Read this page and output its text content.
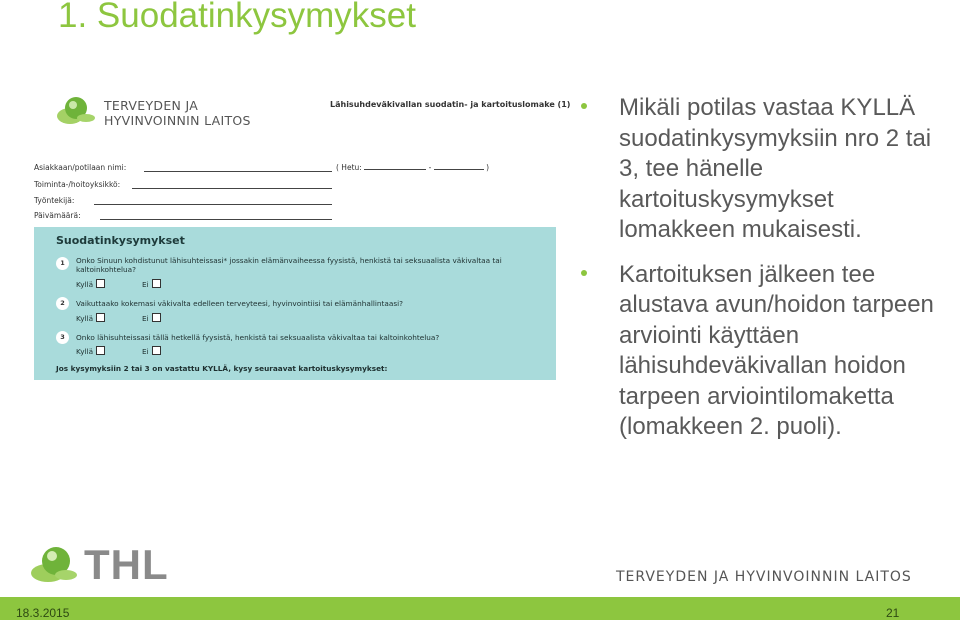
1. Suodatinkysymykset
TERVEYDEN JA
HYVINVOINNIN LAITOS
Lähisuhdeväkivallan suodatin- ja kartoituslomake (1)
Asiakkaan/potilaan nimi:	( Hetu:	-	)
Toiminta-/hoitoyksikkö:
Työntekijä:
Päivämäärä:
Suodatinkysymykset
1	Onko Sinuun kohdistunut lähisuhteissasi* jossakin elämänvaiheessa fyysistä, henkistä tai seksuaalista väkivaltaa tai kaltoinkohtelua?
Kyllä	Ei
2	Vaikuttaako kokemasi väkivalta edelleen terveyteesi, hyvinvointiisi tai elämänhallintaasi?
Kyllä	Ei
3	Onko lähisuhteissasi tällä hetkellä fyysistä, henkistä tai seksuaalista väkivaltaa tai kaltoinkohtelua?
Kyllä	Ei
Jos kysymyksiin 2 tai 3 on vastattu KYLLÄ, kysy seuraavat kartoituskysymykset:
Mikäli potilas vastaa KYLLÄ suodatinkysymyksiin nro 2 tai 3, tee hänelle kartoituskysymykset lomakkeen mukaisesti.
Kartoituksen jälkeen tee alustava avun/hoidon tarpeen arviointi käyttäen lähisuhdeväkivallan hoidon tarpeen arviointilomaketta (lomakkeen 2. puoli).
THL	TERVEYDEN JA HYVINVOINNIN LAITOS
18.3.2015	21
